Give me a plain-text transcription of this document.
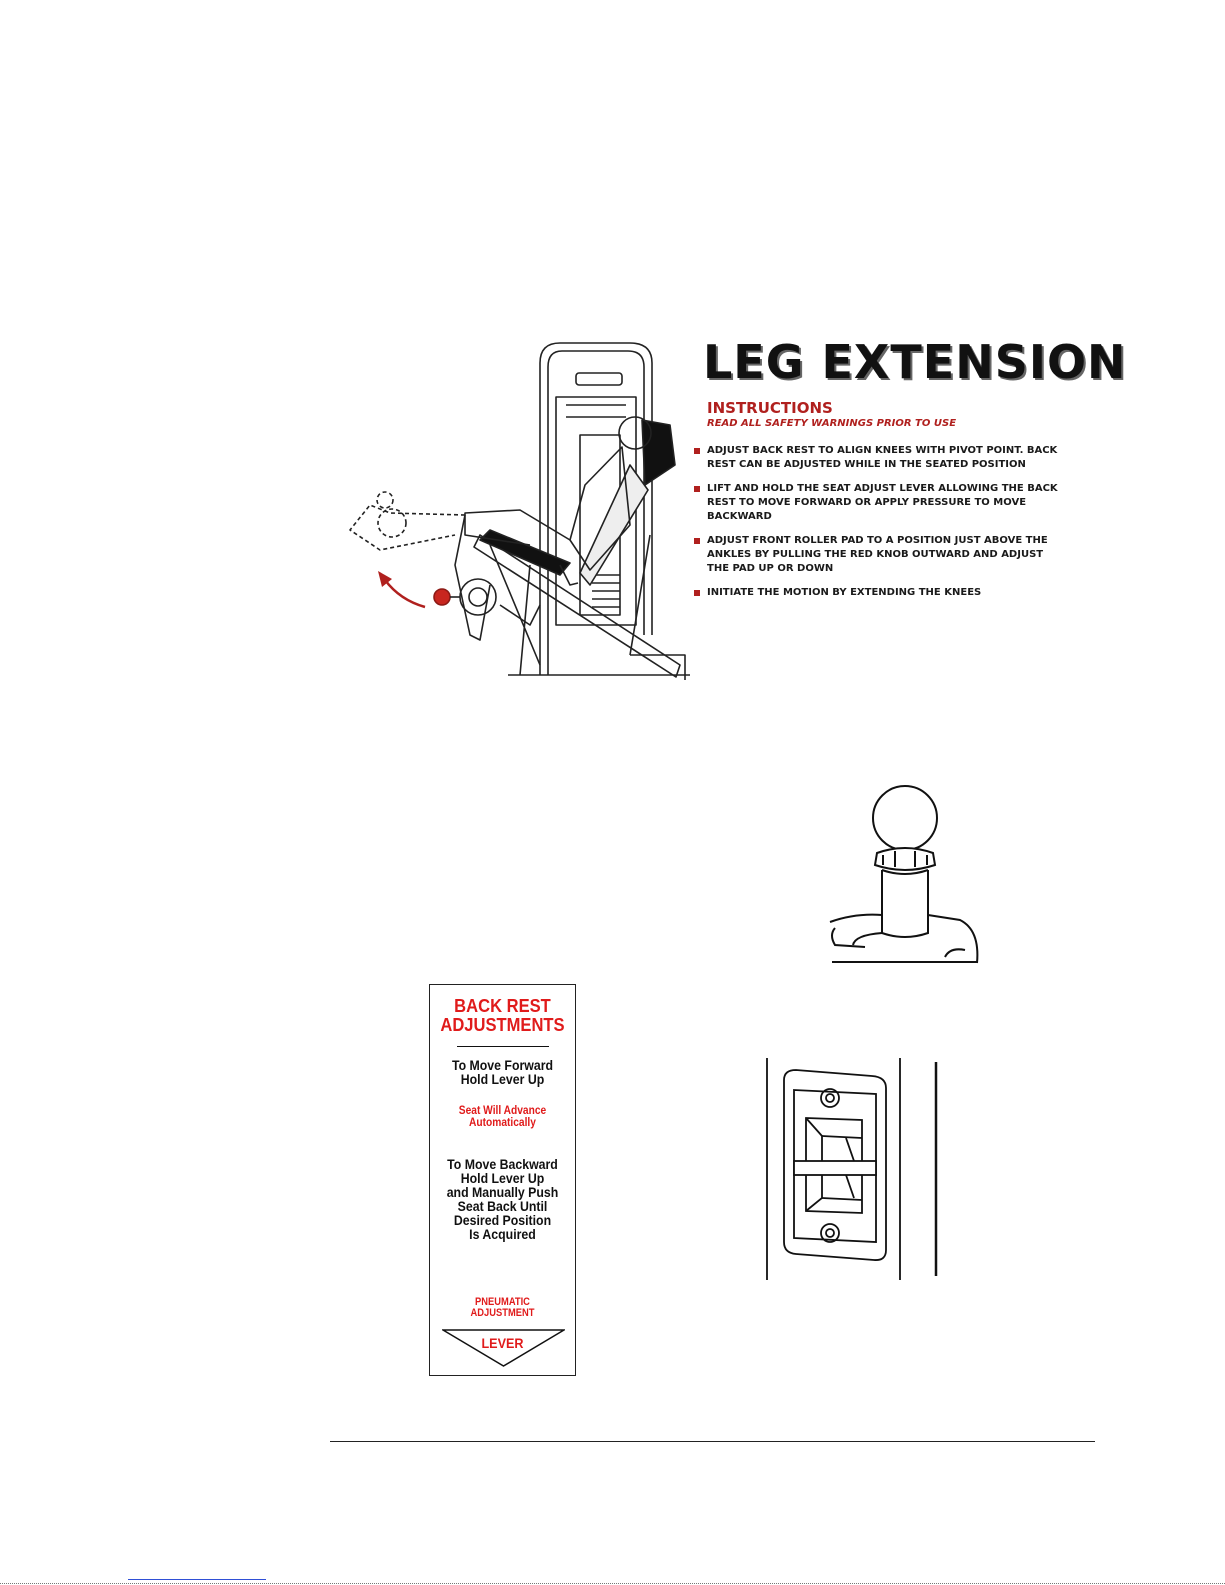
LEG EXTENSION
INSTRUCTIONS
READ ALL SAFETY WARNINGS PRIOR TO USE
ADJUST BACK REST TO ALIGN KNEES WITH PIVOT POINT. BACK REST CAN BE ADJUSTED WHILE IN THE SEATED POSITION
LIFT AND HOLD THE SEAT ADJUST LEVER ALLOWING THE BACK REST TO MOVE FORWARD OR APPLY PRESSURE TO MOVE BACKWARD
ADJUST FRONT ROLLER PAD TO A POSITION JUST ABOVE THE ANKLES BY PULLING THE RED KNOB OUTWARD AND ADJUST THE PAD UP OR DOWN
INITIATE THE MOTION BY EXTENDING THE KNEES
BACK REST
ADJUSTMENTS
To Move Forward
Hold Lever Up
Seat Will Advance
Automatically
To Move Backward
Hold Lever Up
and Manually Push
Seat Back Until
Desired Position
Is Acquired
PNEUMATIC
ADJUSTMENT
LEVER
